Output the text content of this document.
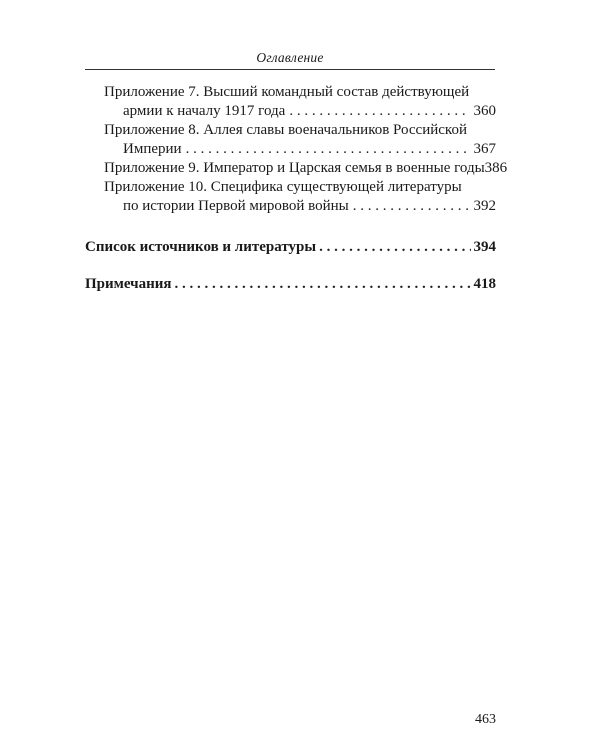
Оглавление
Приложение 7. Высший командный состав действующей
армии к началу 1917 года . . .	360
Приложение 8. Аллея славы военачальников Российской
Империи . . .	367
Приложение 9. Император и Царская семья в военные годы 386
Приложение 10. Специфика существующей литературы
по истории Первой мировой войны . . .	392
Список источников и литературы . . .	394
Примечания . . .	418
463
